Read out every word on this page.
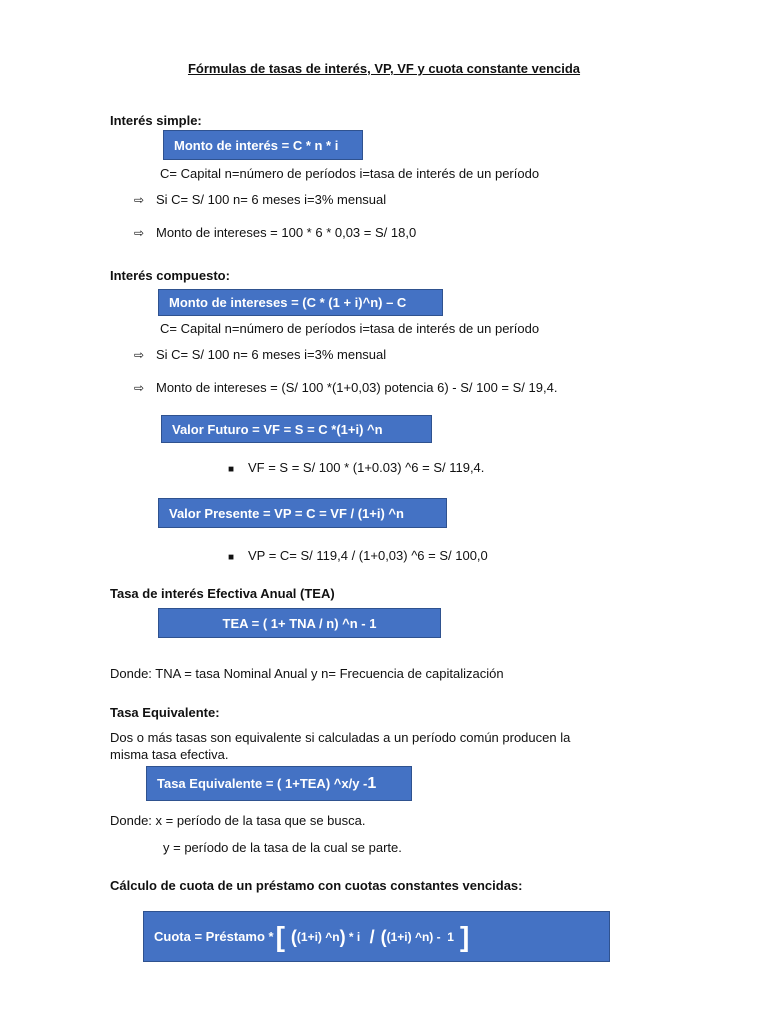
Fórmulas de tasas de interés, VP, VF y cuota constante vencida
Interés simple:
Monto de interés = C * n * i
C= Capital n=número de períodos i=tasa de interés de un período
⇨ Si C= S/ 100 n= 6 meses i=3% mensual
⇨ Monto de intereses = 100 * 6 * 0,03 = S/ 18,0
Interés compuesto:
Monto de intereses = (C * (1 + i)^n) – C
C= Capital n=número de períodos i=tasa de interés de un período
⇨ Si C= S/ 100 n= 6 meses i=3% mensual
⇨ Monto de intereses = (S/ 100 *(1+0,03) potencia 6) - S/ 100 = S/ 19,4.
Valor Futuro = VF = S = C *(1+i) ^n
■ VF = S = S/ 100 * (1+0.03) ^6 = S/ 119,4.
Valor Presente = VP = C = VF / (1+i) ^n
■ VP = C= S/ 119,4 / (1+0,03) ^6 = S/ 100,0
Tasa de interés Efectiva Anual (TEA)
TEA = ( 1+ TNA / n) ^n - 1
Donde: TNA = tasa Nominal Anual y n= Frecuencia de capitalización
Tasa Equivalente:
Dos o más tasas son equivalente si calculadas a un período común producen la
misma tasa efectiva.
Tasa Equivalente = ( 1+TEA) ^x/y - 1
Donde: x = período de la tasa que se busca.
y = período de la tasa de la cual se parte.
Cálculo de cuota de un préstamo con cuotas constantes vencidas:
Cuota = Préstamo * [ ( (1+i) ^n ) * i / ( (1+i) ^n) -  1 ]
